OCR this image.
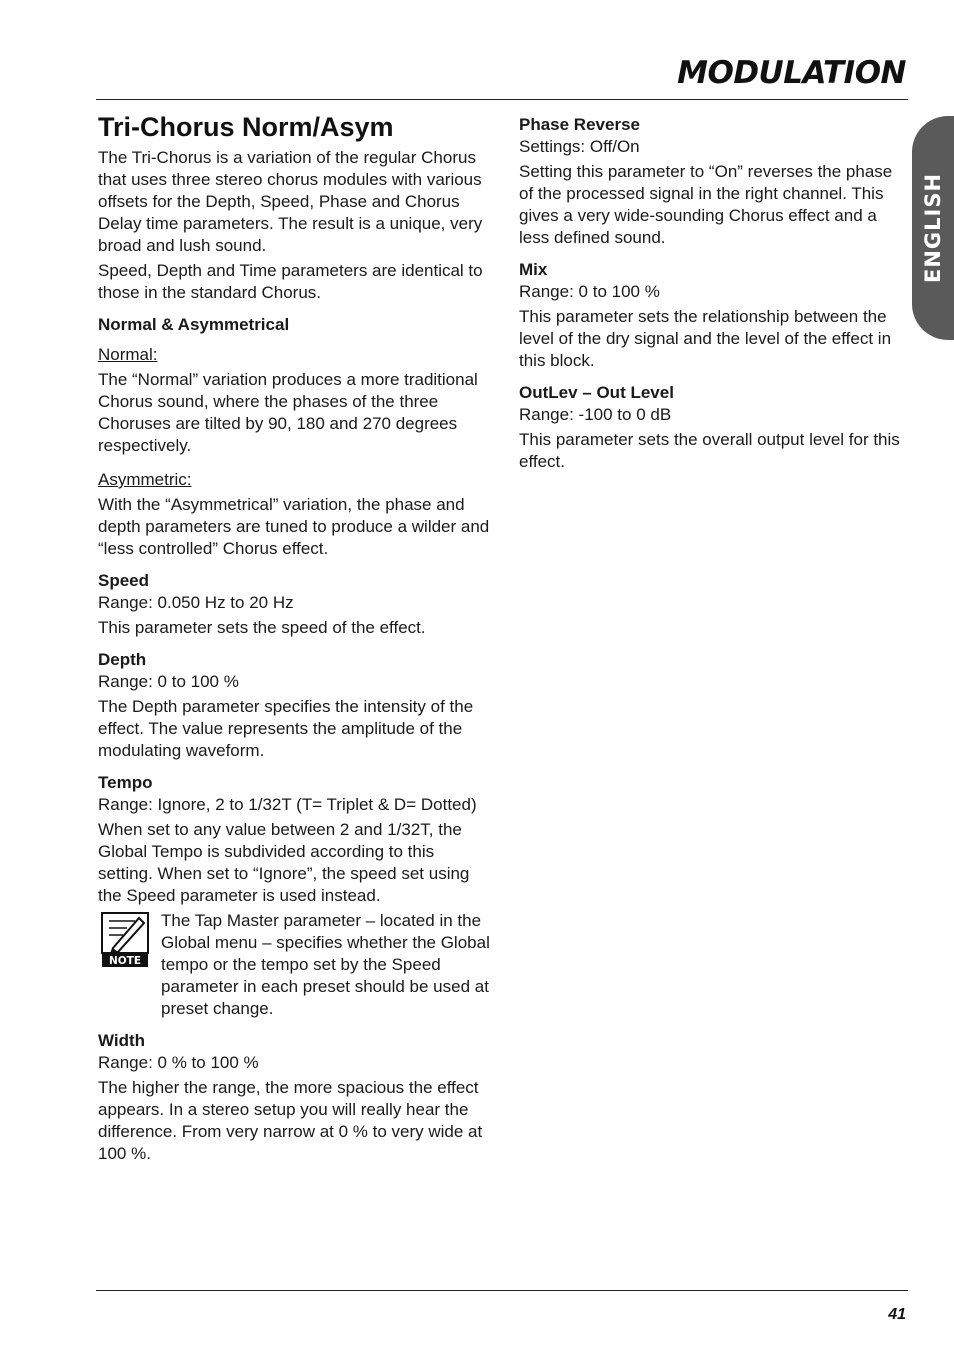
MODULATION
ENGLISH
Tri-Chorus Norm/Asym

The Tri-Chorus is a variation of the regular Chorus that uses three stereo chorus modules with various offsets for the Depth, Speed, Phase and Chorus Delay time parameters. The result is a unique, very broad and lush sound.

Speed, Depth and Time parameters are identical to those in the standard Chorus.

Normal & Asymmetrical

Normal:

The “Normal” variation produces a more traditional Chorus sound, where the phases of the three Choruses are tilted by 90, 180 and 270 degrees respectively.

Asymmetric:

With the “Asymmetrical” variation, the phase and depth parameters are tuned to produce a wilder and “less controlled” Chorus effect.

Speed

Range: 0.050 Hz to 20 Hz

This parameter sets the speed of the effect.

Depth

Range: 0 to 100 %

The Depth parameter specifies the intensity of the effect. The value represents the amplitude of the modulating waveform.

Tempo

Range: Ignore, 2 to 1/32T (T= Triplet & D= Dotted)

When set to any value between 2 and 1/32T, the Global Tempo is subdivided according to this setting. When set to “Ignore”, the speed set using the Speed parameter is used instead.

NOTE
The Tap Master parameter – located in the Global menu – specifies whether the Global tempo or the tempo set by the Speed parameter in each preset should be used at preset change.
Width

Range: 0 % to 100 %

The higher the range, the more spacious the effect appears. In a stereo setup you will really hear the difference. From very narrow at 0 % to very wide at 100 %.

Phase Reverse

Settings: Off/On

Setting this parameter to “On” reverses the phase of the processed signal in the right channel. This gives a very wide-sounding Chorus effect and a less defined sound.

Mix

Range: 0 to 100 %

This parameter sets the relationship between the level of the dry signal and the level of the effect in this block.

OutLev – Out Level

Range: -100 to 0 dB

This parameter sets the overall output level for this effect.

41
